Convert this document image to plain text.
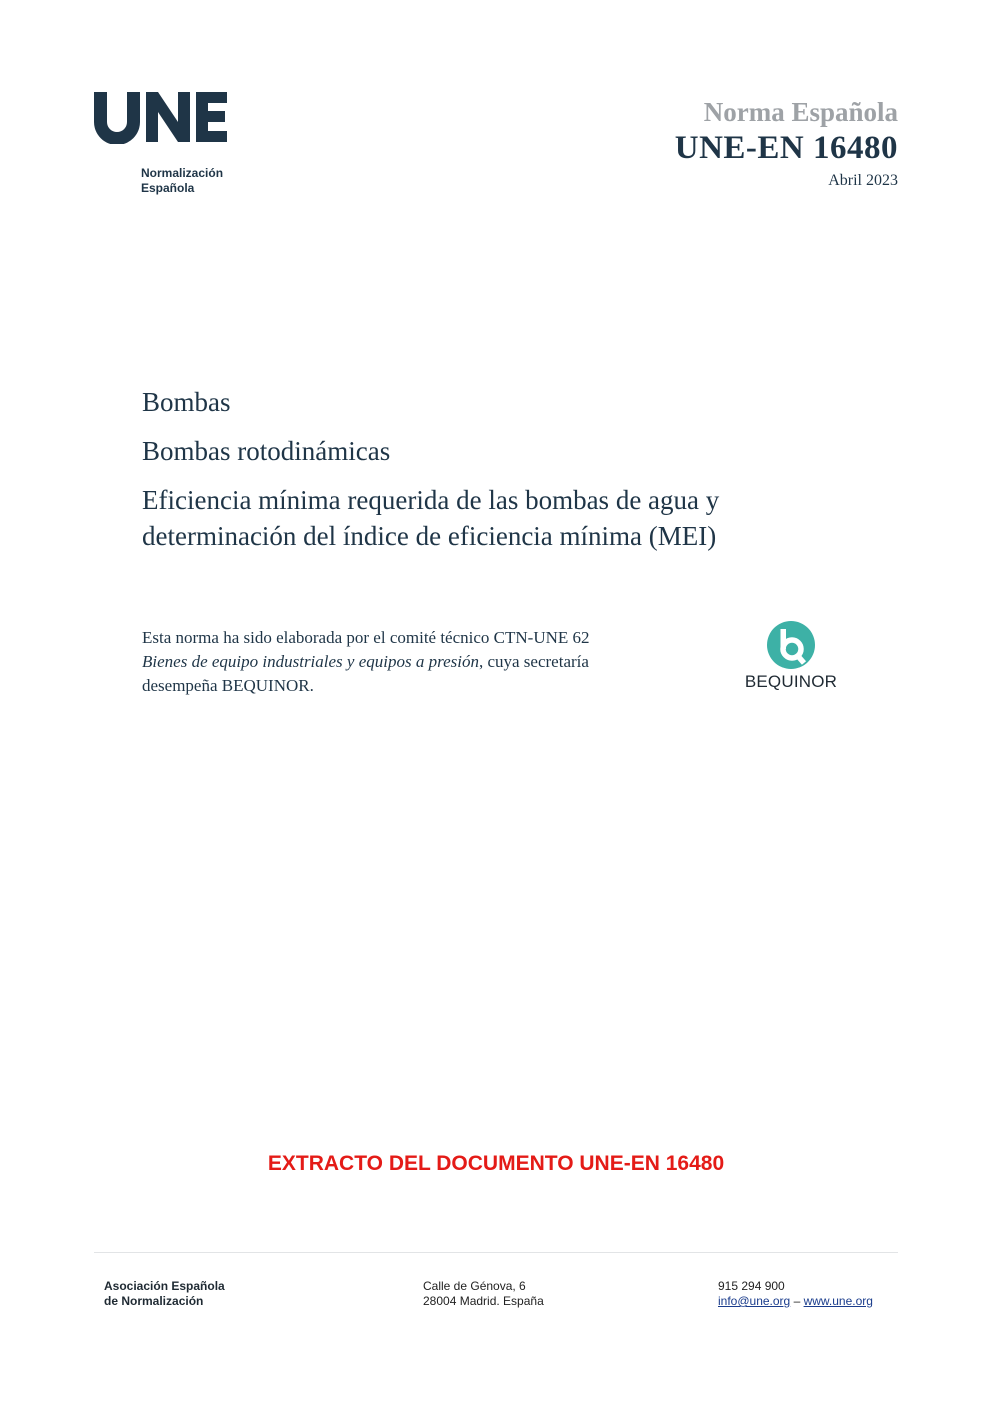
Normalización
Española
Norma Española
UNE-EN 16480
Abril 2023
Bombas
Bombas rotodinámicas
Eficiencia mínima requerida de las bombas de agua y determinación del índice de eficiencia mínima (MEI)
Esta norma ha sido elaborada por el comité técnico CTN-UNE 62 Bienes de equipo industriales y equipos a presión, cuya secretaría desempeña BEQUINOR.	BEQUINOR
EXTRACTO DEL DOCUMENTO UNE-EN 16480
Asociación Española
de Normalización
Calle de Génova, 6
28004 Madrid. España
915 294 900
info@une.org – www.une.org
